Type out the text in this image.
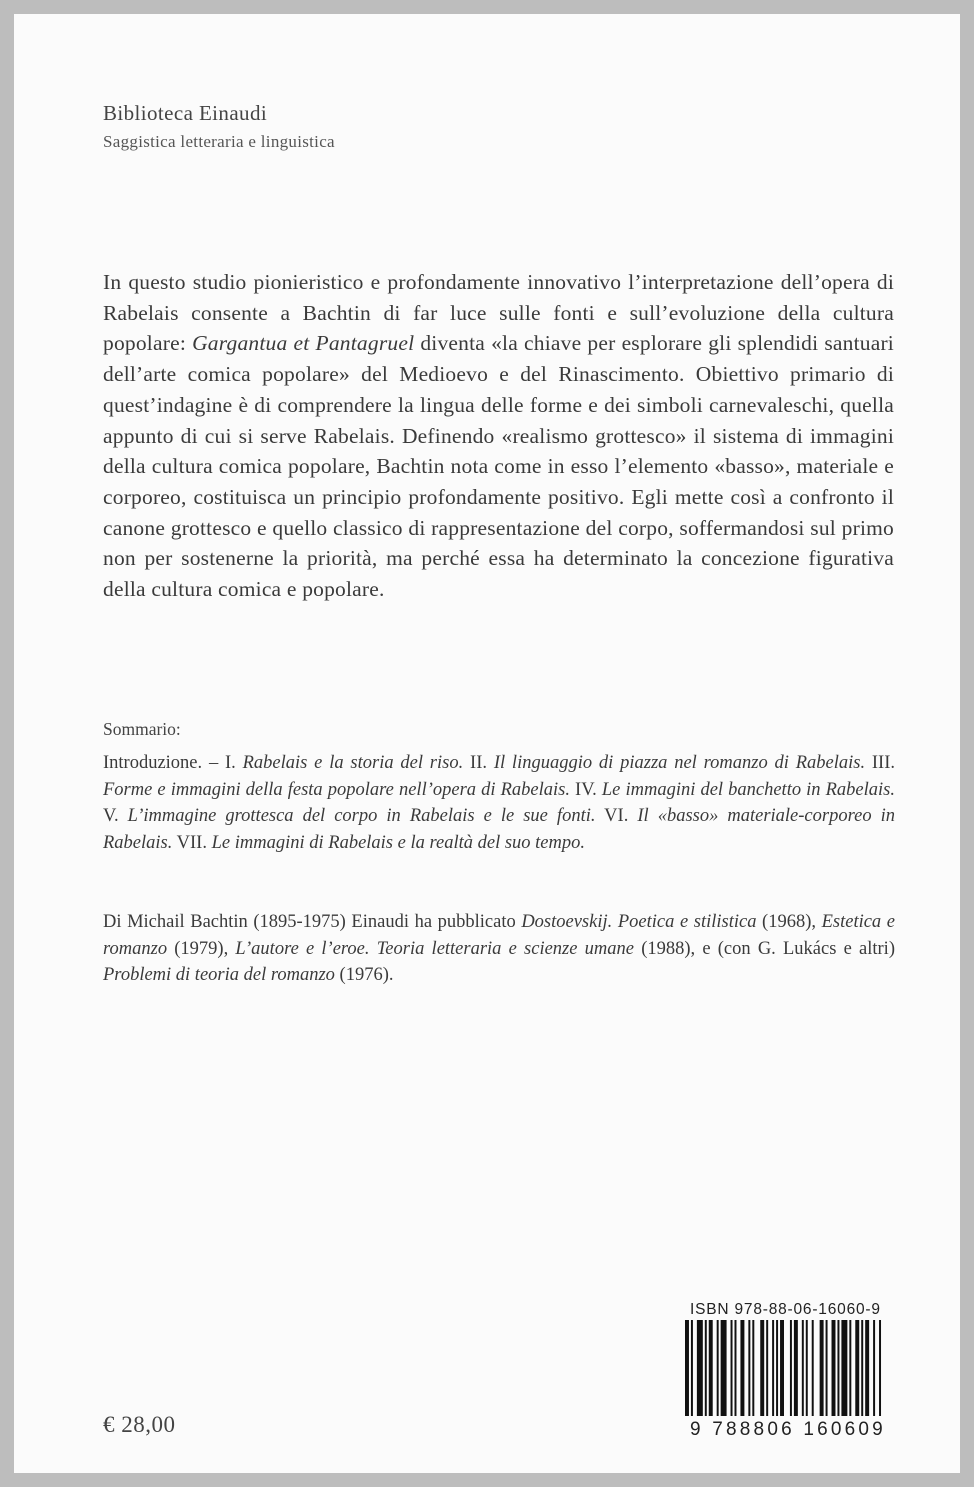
Biblioteca Einaudi
Saggistica letteraria e linguistica

In questo studio pionieristico e profondamente innovativo l’interpretazione dell’opera di Rabelais consente a Bachtin di far luce sulle fonti e sull’evoluzione della cultura popolare: Gargantua et Pantagruel diventa «la chiave per esplorare gli splendidi santuari dell’arte comica popolare» del Medioevo e del Rinascimento. Obiettivo primario di quest’indagine è di comprendere la lingua delle forme e dei simboli carnevaleschi, quella appunto di cui si serve Rabelais. Definendo «realismo grottesco» il sistema di immagini della cultura comica popolare, Bachtin nota come in esso l’elemento «basso», materiale e corporeo, costituisca un principio profondamente positivo. Egli mette così a confronto il canone grottesco e quello classico di rappresentazione del corpo, soffermandosi sul primo non per sostenerne la priorità, ma perché essa ha determinato la concezione figurativa della cultura comica e popolare.

Sommario:

Introduzione. – I. Rabelais e la storia del riso. II. Il linguaggio di piazza nel romanzo di Rabelais. III. Forme e immagini della festa popolare nell’opera di Rabelais. IV. Le immagini del banchetto in Rabelais. V. L’immagine grottesca del corpo in Rabelais e le sue fonti. VI. Il «basso» materiale-corporeo in Rabelais. VII. Le immagini di Rabelais e la realtà del suo tempo.

Di Michail Bachtin (1895-1975) Einaudi ha pubblicato Dostoevskij. Poetica e stilistica (1968), Estetica e romanzo (1979), L’autore e l’eroe. Teoria letteraria e scienze umane (1988), e (con G. Lukács e altri) Problemi di teoria del romanzo (1976).

€ 28,00
ISBN 978-88-06-16060-9
9 788806 160609
